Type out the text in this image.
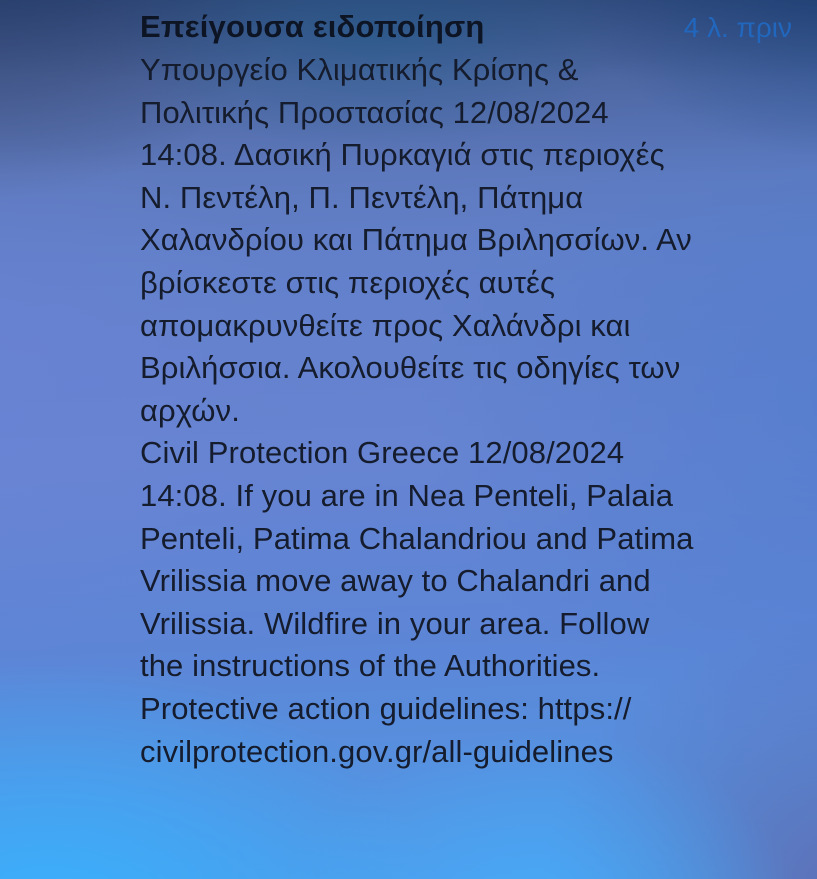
Επείγουσα ειδοποίηση	4 λ. πριν
Υπουργείο Κλιματικής Κρίσης &
Πολιτικής Προστασίας 12/08/2024
14:08. Δασική Πυρκαγιά στις περιοχές
Ν. Πεντέλη, Π. Πεντέλη, Πάτημα
Χαλανδρίου και Πάτημα Βριλησσίων. Αν
βρίσκεστε στις περιοχές αυτές
απομακρυνθείτε προς Χαλάνδρι και
Βριλήσσια. Ακολουθείτε τις οδηγίες των
αρχών.
Civil Protection Greece 12/08/2024
14:08. If you are in Nea Penteli, Palaia
Penteli, Patima Chalandriou and Patima
Vrilissia move away to Chalandri and
Vrilissia. Wildfire in your area. Follow
the instructions of the Authorities.
Protective action guidelines: https://
civilprotection.gov.gr/all-guidelines
